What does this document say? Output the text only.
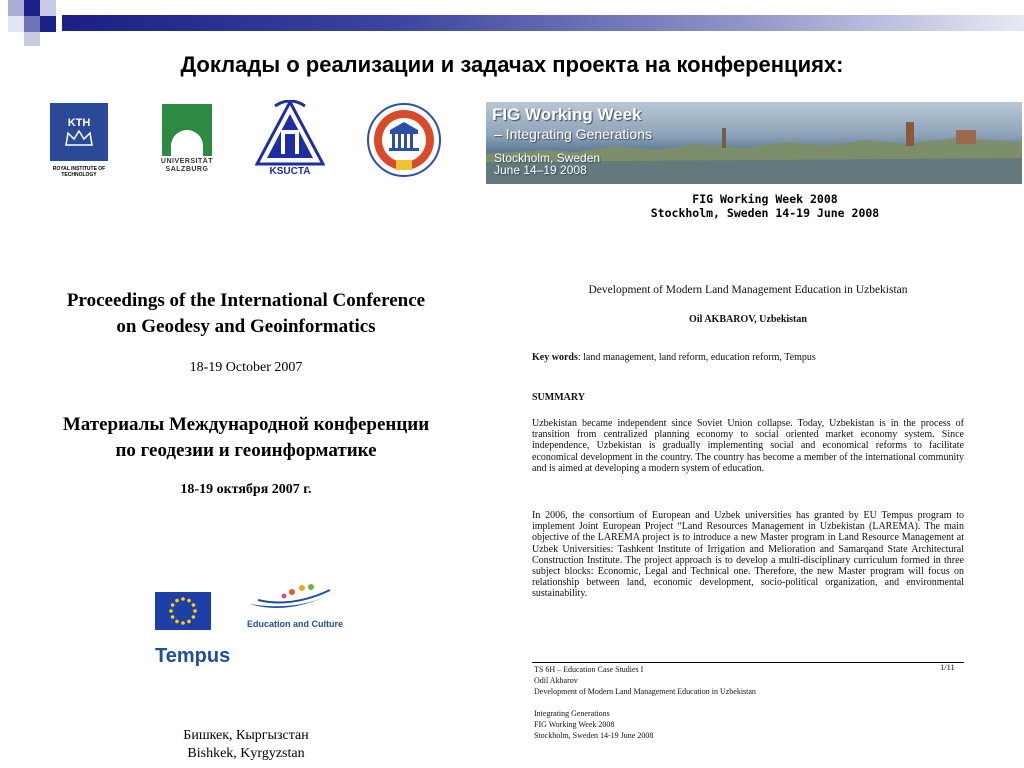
Доклады о реализации и задачах проекта на конференциях:
KTH
ROYAL INSTITUTE OF TECHNOLOGY
UNIVERSITÄT
SALZBURG	KSUCTA
FIG Working Week
– Integrating Generations
Stockholm, Sweden
June 14–19 2008
FIG Working Week 2008
Stockholm, Sweden 14-19 June 2008
Proceedings of the International Conference
on Geodesy and Geoinformatics
18-19 October 2007
Материалы Международной конференции
по геодезии и геоинформатике
18-19 октября 2007 г.
Education and Culture
Tempus
Бишкек, Кыргызстан
Bishkek, Kyrgyzstan
Development of Modern Land Management Education in Uzbekistan
Oil AKBAROV, Uzbekistan
Key words: land management, land reform, education reform, Tempus
SUMMARY
Uzbekistan became independent since Soviet Union collapse. Today, Uzbekistan is in the process of transition from centralized planning economy to social oriented market economy system. Since independence, Uzbekistan is gradually implementing social and economical reforms to facilitate economical development in the country. The country has become a member of the international community and is aimed at developing a modern system of education.
In 2006, the consortium of European and Uzbek universities has granted by EU Tempus program to implement Joint European Project “Land Resources Management in Uzbekistan (LAREMA). The main objective of the LAREMA project is to introduce a new Master program in Land Resource Management at Uzbek Universities: Tashkent Institute of Irrigation and Melioration and Samarqand State Architectural Construction Institute. The project approach is to develop a multi-disciplinary curriculum formed in three subject blocks: Economic, Legal and Technical one. Therefore, the new Master program will focus on relationship between land, economic development, socio-political organization, and environmental sustainability.
1/11
TS 6H – Education Case Studies I
Odil Akbarov
Development of Modern Land Management Education in Uzbekistan
Integrating Generations
FIG Working Week 2008
Stockholm, Sweden 14-19 June 2008
